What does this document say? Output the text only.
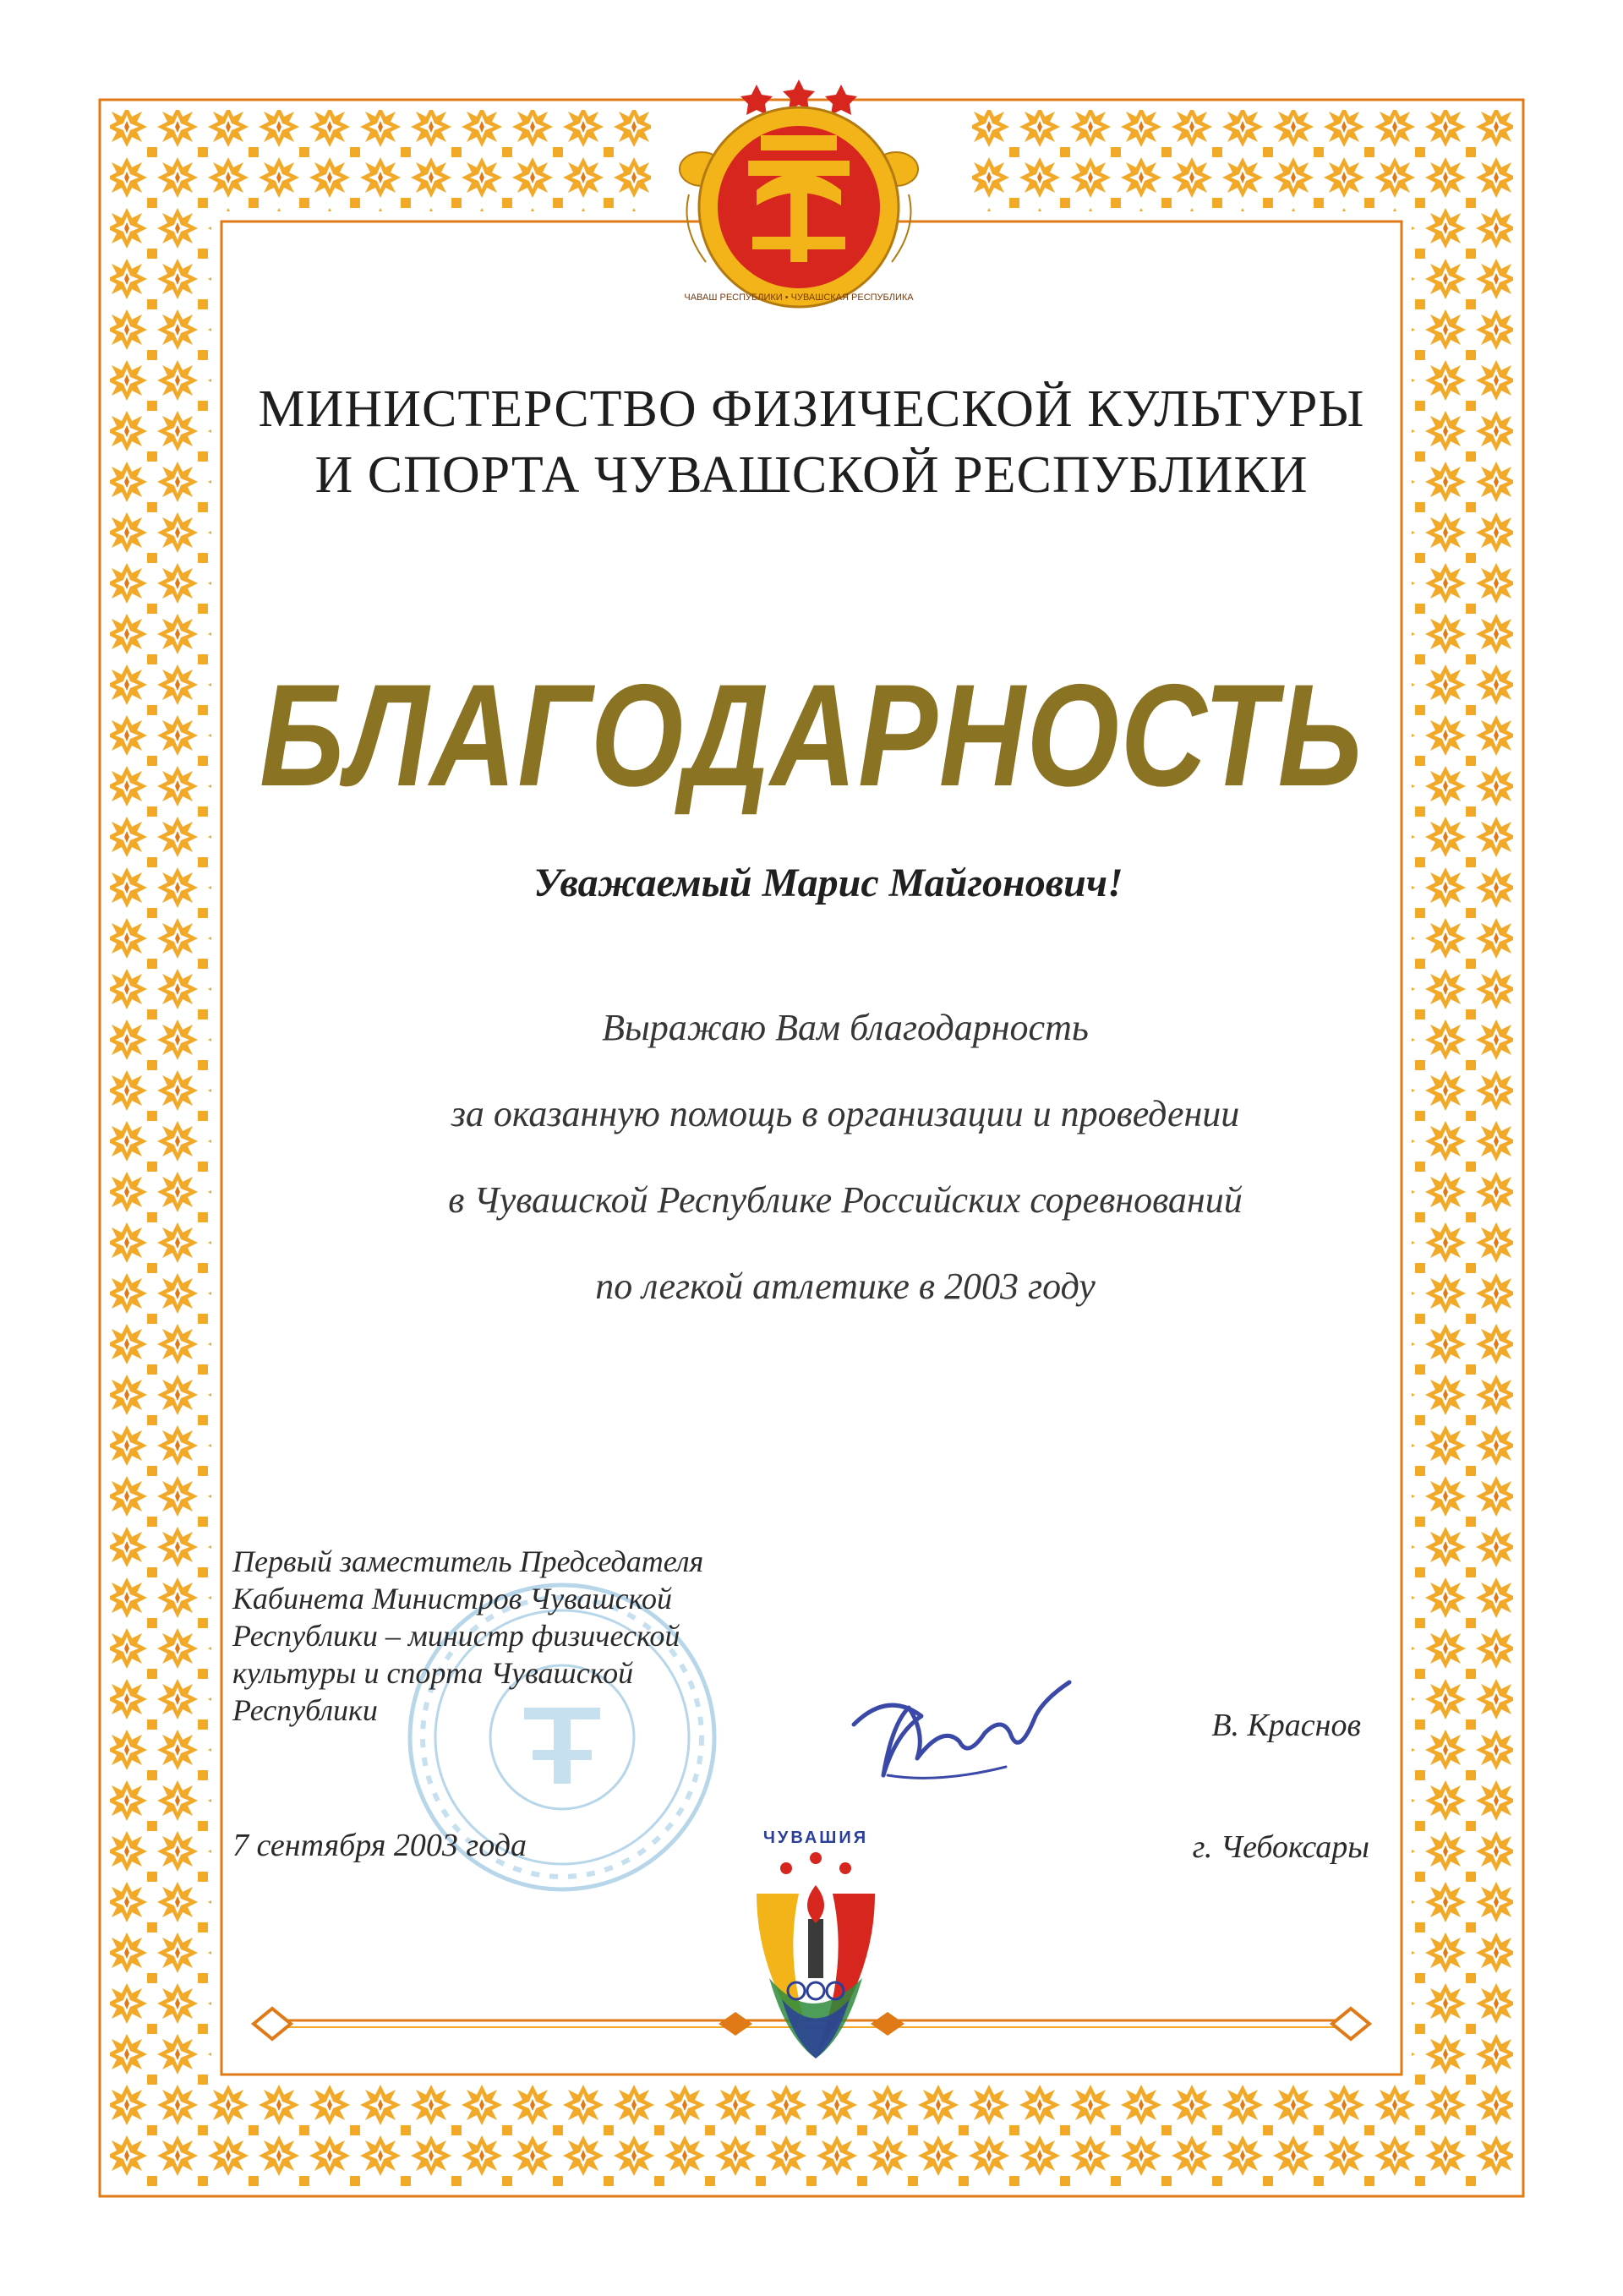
ЧАВАШ РЕСПУБЛИКИ • ЧУВАШСКАЯ РЕСПУБЛИКА
МИНИСТЕРСТВО ФИЗИЧЕСКОЙ КУЛЬТУРЫ
И СПОРТА ЧУВАШСКОЙ РЕСПУБЛИКИ
БЛАГОДАРНОСТЬ
Уважаемый Марис Майгонович!
Выражаю Вам благодарность
за оказанную помощь в организации и проведении
в Чувашской Республике Российских соревнований
по легкой атлетике в 2003 году
Первый заместитель Председателя
Кабинета Министров Чувашской
Республики – министр физической
культуры и спорта Чувашской
Республики	В. Краснов
7 сентября 2003 года	г. Чебоксары
ЧУВАШИЯ
